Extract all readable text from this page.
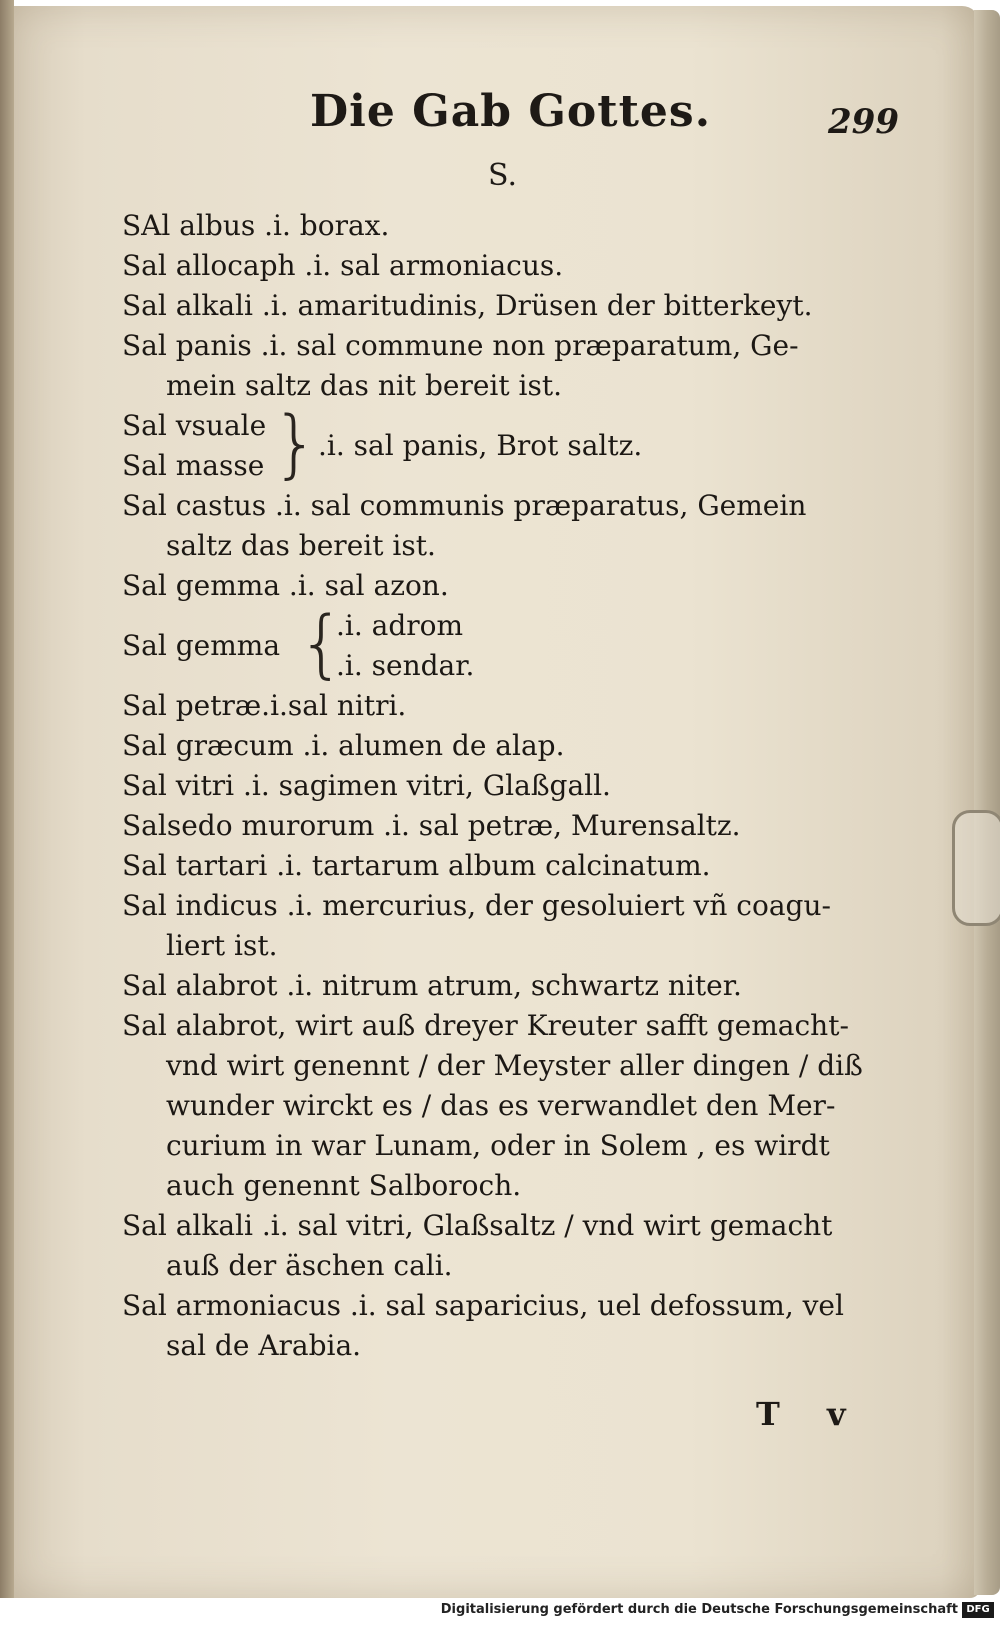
Die Gab Gottes.	299
S.

SAl albus .i. borax.

Sal allocaph .i. sal armoniacus.

Sal alkali .i. amaritudinis, Drüsen der bitterkeyt.

Sal panis .i. sal commune non præparatum, Ge-
mein saltz das nit bereit ist.

Sal vsuale
Sal masse }
.i. sal panis, Brot saltz.

Sal castus .i. sal communis præparatus, Gemein
saltz das bereit ist.

Sal gemma .i. sal azon.

Sal gemma {
.i. adrom
.i. sendar.

Sal petræ.i.sal nitri.

Sal græcum .i. alumen de alap.

Sal vitri .i. sagimen vitri, Glaßgall.

Salsedo murorum .i. sal petræ, Murensaltz.

Sal tartari .i. tartarum album calcinatum.

Sal indicus .i. mercurius, der gesoluiert vñ coagu-
liert ist.

Sal alabrot .i. nitrum atrum, schwartz niter.

Sal alabrot, wirt auß dreyer Kreuter safft gemacht-
vnd wirt genennt / der Meyster aller dingen / diß
wunder wirckt es / das es verwandlet den Mer-
curium in war Lunam, oder in Solem , es wirdt
auch genennt Salboroch.

Sal alkali .i. sal vitri, Glaßsaltz / vnd wirt gemacht
auß der äschen cali.

Sal armoniacus .i. sal saparicius, uel defossum, vel
sal de Arabia.

T v
Digitalisierung gefördert durch die Deutsche Forschungsgemeinschaft DFG
